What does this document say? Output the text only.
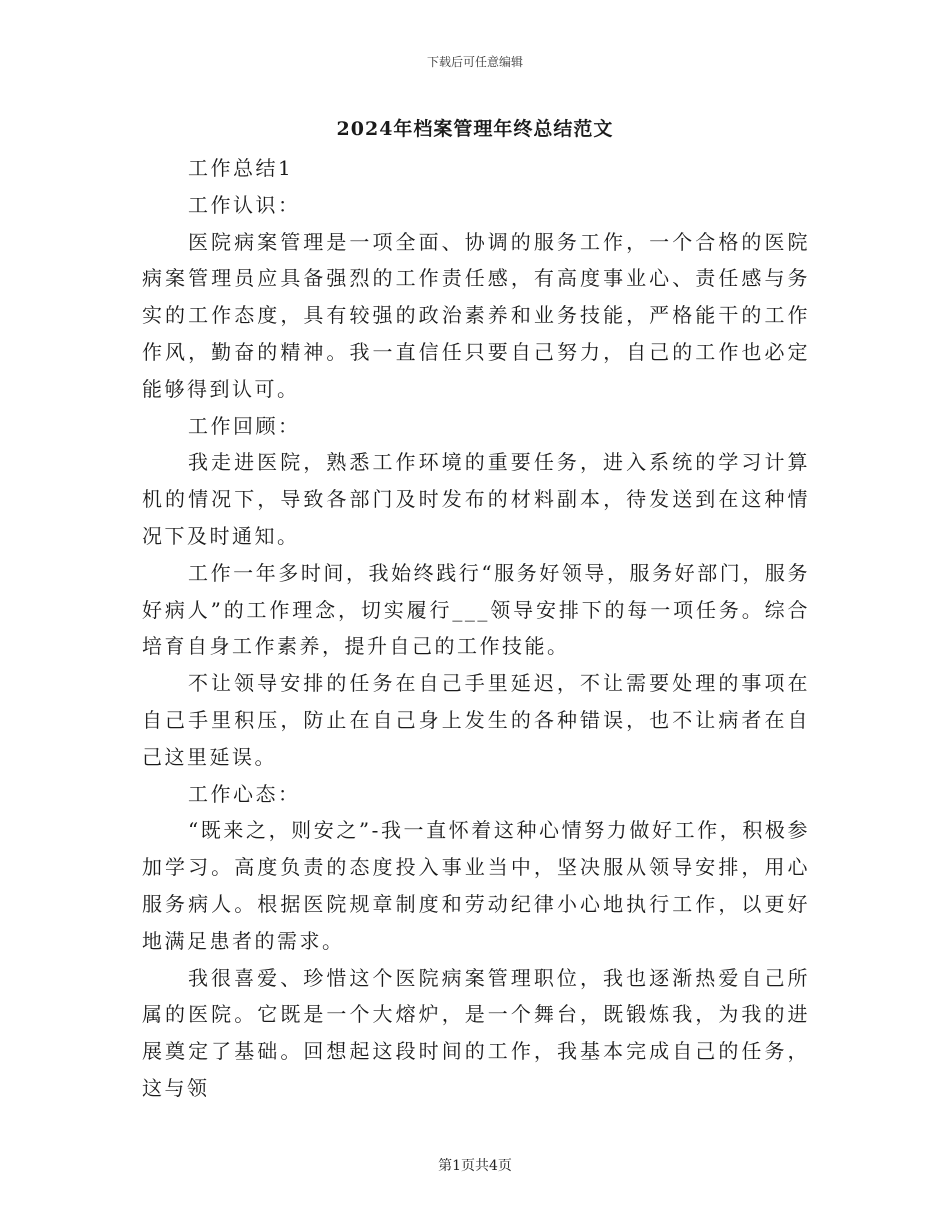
下载后可任意编辑
2024年档案管理年终总结范文

工作总结1

工作认识：

医院病案管理是一项全面、协调的服务工作，一个合格的医院病案管理员应具备强烈的工作责任感，有高度事业心、责任感与务实的工作态度，具有较强的政治素养和业务技能，严格能干的工作作风，勤奋的精神。我一直信任只要自己努力，自己的工作也必定能够得到认可。

工作回顾：

我走进医院，熟悉工作环境的重要任务，进入系统的学习计算机的情况下，导致各部门及时发布的材料副本，待发送到在这种情况下及时通知。

工作一年多时间，我始终践行“服务好领导，服务好部门，服务好病人”的工作理念，切实履行___领导安排下的每一项任务。综合培育自身工作素养，提升自己的工作技能。

不让领导安排的任务在自己手里延迟，不让需要处理的事项在自己手里积压，防止在自己身上发生的各种错误，也不让病者在自己这里延误。

工作心态：

“既来之，则安之”-我一直怀着这种心情努力做好工作，积极参加学习。高度负责的态度投入事业当中，坚决服从领导安排，用心服务病人。根据医院规章制度和劳动纪律小心地执行工作，以更好地满足患者的需求。

我很喜爱、珍惜这个医院病案管理职位，我也逐渐热爱自己所属的医院。它既是一个大熔炉，是一个舞台，既锻炼我，为我的进展奠定了基础。回想起这段时间的工作，我基本完成自己的任务，这与领

第1页共4页
